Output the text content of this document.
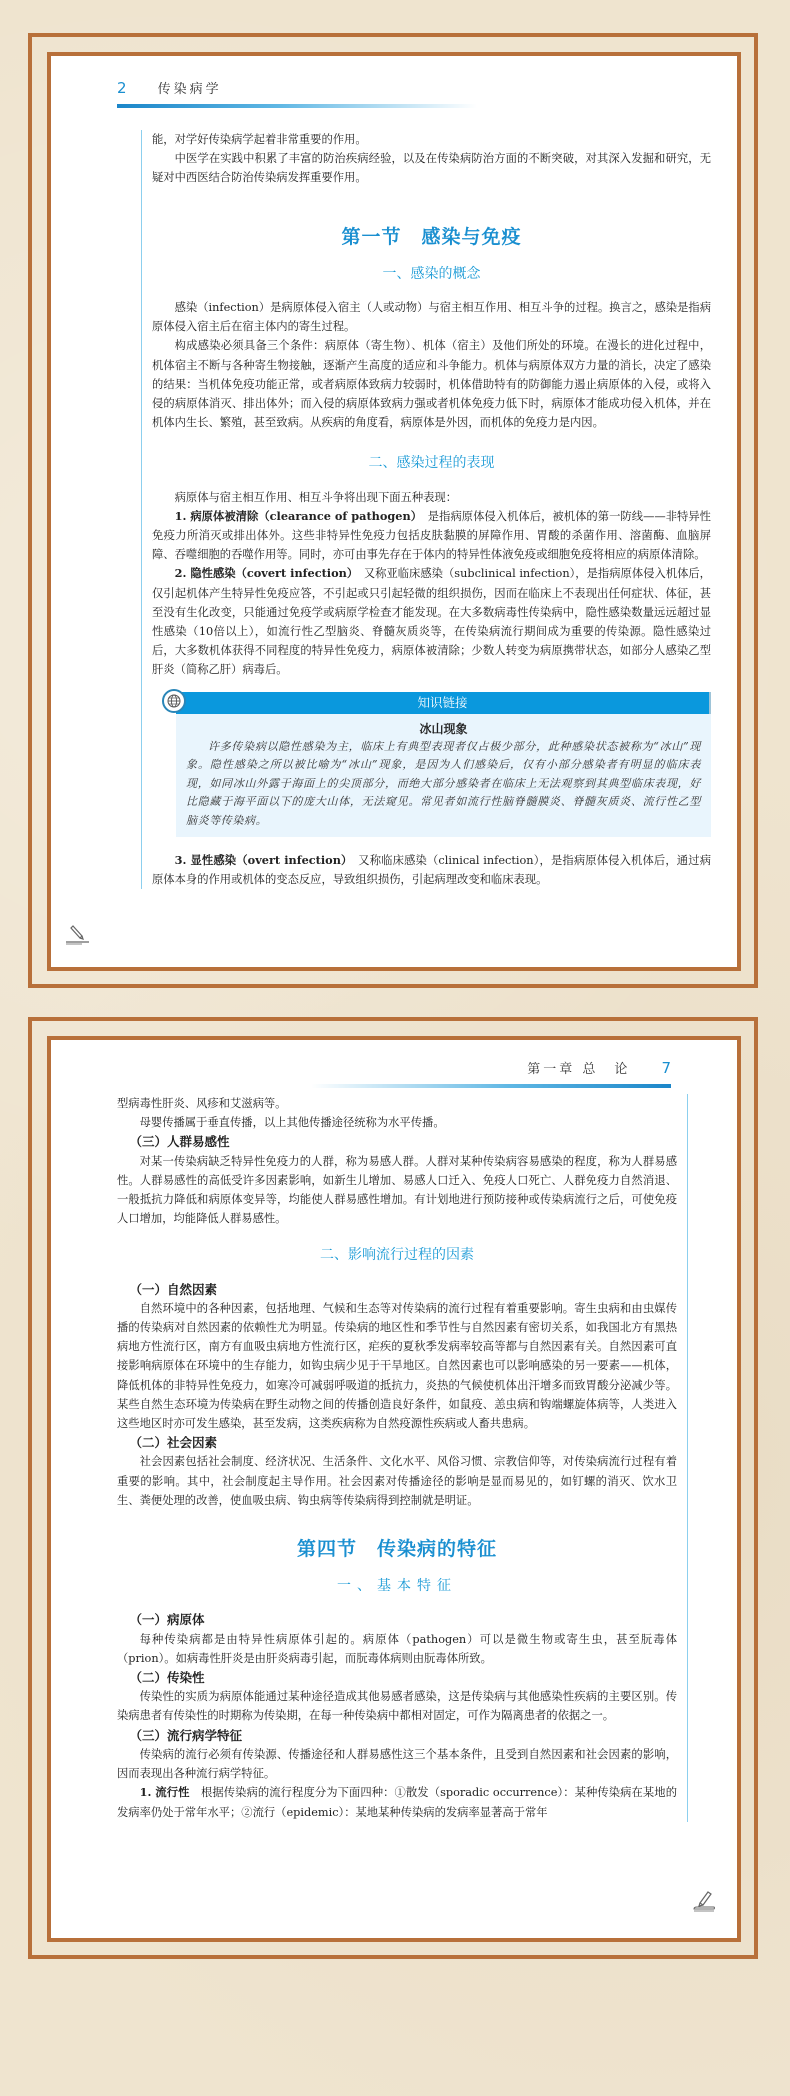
2 传染病学

能，对学好传染病学起着非常重要的作用。

中医学在实践中积累了丰富的防治疾病经验，以及在传染病防治方面的不断突破，对其深入发掘和研究，无疑对中西医结合防治传染病发挥重要作用。

第一节　感染与免疫
一、感染的概念

感染（infection）是病原体侵入宿主（人或动物）与宿主相互作用、相互斗争的过程。换言之，感染是指病原体侵入宿主后在宿主体内的寄生过程。

构成感染必须具备三个条件：病原体（寄生物）、机体（宿主）及他们所处的环境。在漫长的进化过程中，机体宿主不断与各种寄生物接触，逐渐产生高度的适应和斗争能力。机体与病原体双方力量的消长，决定了感染的结果：当机体免疫功能正常，或者病原体致病力较弱时，机体借助特有的防御能力遏止病原体的入侵，或将入侵的病原体消灭、排出体外；而入侵的病原体致病力强或者机体免疫力低下时，病原体才能成功侵入机体，并在机体内生长、繁殖，甚至致病。从疾病的角度看，病原体是外因，而机体的免疫力是内因。

二、感染过程的表现

病原体与宿主相互作用、相互斗争将出现下面五种表现：

1. 病原体被清除（clearance of pathogen）　 是指病原体侵入机体后，被机体的第一防线——非特异性免疫力所消灭或排出体外。这些非特异性免疫力包括皮肤黏膜的屏障作用、胃酸的杀菌作用、溶菌酶、血脑屏障、吞噬细胞的吞噬作用等。同时，亦可由事先存在于体内的特异性体液免疫或细胞免疫将相应的病原体清除。

2. 隐性感染（covert infection）　 又称亚临床感染（subclinical infection），是指病原体侵入机体后，仅引起机体产生特异性免疫应答，不引起或只引起轻微的组织损伤，因而在临床上不表现出任何症状、体征，甚至没有生化改变，只能通过免疫学或病原学检查才能发现。在大多数病毒性传染病中，隐性感染数量远远超过显性感染（10倍以上），如流行性乙型脑炎、脊髓灰质炎等，在传染病流行期间成为重要的传染源。隐性感染过后，大多数机体获得不同程度的特异性免疫力，病原体被清除；少数人转变为病原携带状态，如部分人感染乙型肝炎（简称乙肝）病毒后。

知识链接
冰山现象

许多传染病以隐性感染为主，临床上有典型表现者仅占极少部分，此种感染状态被称为“冰山”现象。隐性感染之所以被比喻为“冰山”现象，是因为人们感染后，仅有小部分感染者有明显的临床表现，如同冰山外露于海面上的尖顶部分，而绝大部分感染者在临床上无法观察到其典型临床表现，好比隐藏于海平面以下的庞大山体，无法窥见。常见者如流行性脑脊髓膜炎、脊髓灰质炎、流行性乙型脑炎等传染病。

3. 显性感染（overt infection）　 又称临床感染（clinical infection），是指病原体侵入机体后，通过病原体本身的作用或机体的变态反应，导致组织损伤，引起病理改变和临床表现。

第一章 总　论 7

型病毒性肝炎、风疹和艾滋病等。

母婴传播属于垂直传播，以上其他传播途径统称为水平传播。

（三）人群易感性

对某一传染病缺乏特异性免疫力的人群，称为易感人群。人群对某种传染病容易感染的程度，称为人群易感性。人群易感性的高低受许多因素影响，如新生儿增加、易感人口迁入、免疫人口死亡、人群免疫力自然消退、一般抵抗力降低和病原体变异等，均能使人群易感性增加。有计划地进行预防接种或传染病流行之后，可使免疫人口增加，均能降低人群易感性。

二、影响流行过程的因素
（一）自然因素

自然环境中的各种因素，包括地理、气候和生态等对传染病的流行过程有着重要影响。寄生虫病和由虫媒传播的传染病对自然因素的依赖性尤为明显。传染病的地区性和季节性与自然因素有密切关系，如我国北方有黑热病地方性流行区，南方有血吸虫病地方性流行区，疟疾的夏秋季发病率较高等都与自然因素有关。自然因素可直接影响病原体在环境中的生存能力，如钩虫病少见于干旱地区。自然因素也可以影响感染的另一要素——机体，降低机体的非特异性免疫力，如寒冷可减弱呼吸道的抵抗力，炎热的气候使机体出汗增多而致胃酸分泌减少等。某些自然生态环境为传染病在野生动物之间的传播创造良好条件，如鼠疫、恙虫病和钩端螺旋体病等，人类进入这些地区时亦可发生感染，甚至发病，这类疾病称为自然疫源性疾病或人畜共患病。

（二）社会因素

社会因素包括社会制度、经济状况、生活条件、文化水平、风俗习惯、宗教信仰等，对传染病流行过程有着重要的影响。其中，社会制度起主导作用。社会因素对传播途径的影响是显而易见的，如钉螺的消灭、饮水卫生、粪便处理的改善，使血吸虫病、钩虫病等传染病得到控制就是明证。

第四节　传染病的特征
一、基本特征
（一）病原体

每种传染病都是由特异性病原体引起的。病原体（pathogen）可以是微生物或寄生虫，甚至朊毒体（prion）。如病毒性肝炎是由肝炎病毒引起，而朊毒体病则由朊毒体所致。

（二）传染性

传染性的实质为病原体能通过某种途径造成其他易感者感染，这是传染病与其他感染性疾病的主要区别。传染病患者有传染性的时期称为传染期，在每一种传染病中都相对固定，可作为隔离患者的依据之一。

（三）流行病学特征

传染病的流行必须有传染源、传播途径和人群易感性这三个基本条件，且受到自然因素和社会因素的影响，因而表现出各种流行病学特征。

1. 流行性　根据传染病的流行程度分为下面四种：①散发（sporadic occurrence）：某种传染病在某地的发病率仍处于常年水平；②流行（epidemic）：某地某种传染病的发病率显著高于常年
